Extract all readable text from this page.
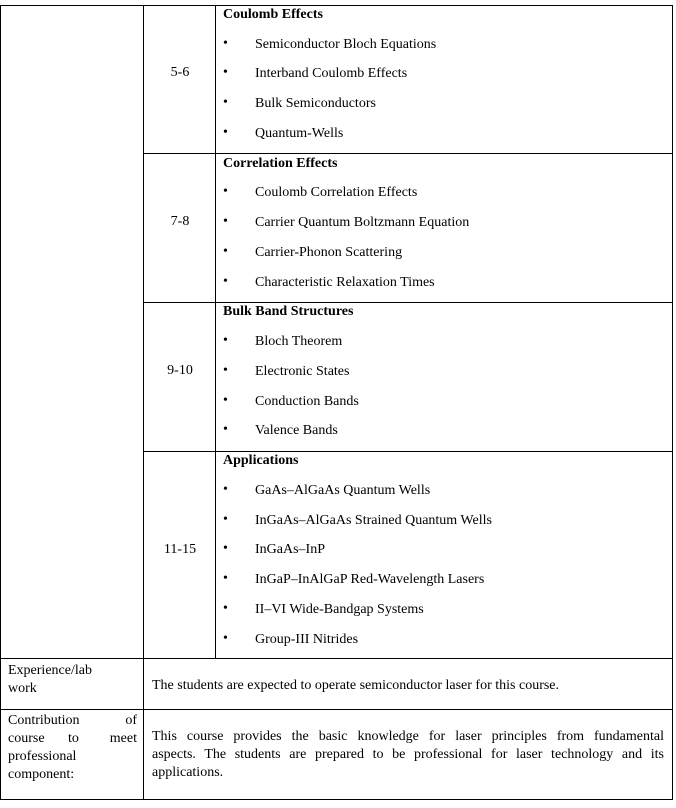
5-6
Coulomb Effects
• Semiconductor Bloch Equations
• Interband Coulomb Effects
• Bulk Semiconductors
• Quantum-Wells
7-8
Correlation Effects
• Coulomb Correlation Effects
• Carrier Quantum Boltzmann Equation
• Carrier-Phonon Scattering
• Characteristic Relaxation Times
9-10
Bulk Band Structures
• Bloch Theorem
• Electronic States
• Conduction Bands
• Valence Bands
11-15
Applications
• GaAs–AlGaAs Quantum Wells
• InGaAs–AlGaAs Strained Quantum Wells
• InGaAs–InP
• InGaP–InAlGaP Red-Wavelength Lasers
• II–VI Wide-Bandgap Systems
• Group-III Nitrides
Experience/lab
work	The students are expected to operate semiconductor laser for this course.
Contribution	of
course to meet
professional
component:
This course provides the basic knowledge for laser principles from fundamental
aspects. The students are prepared to be professional for laser technology and its
applications.
